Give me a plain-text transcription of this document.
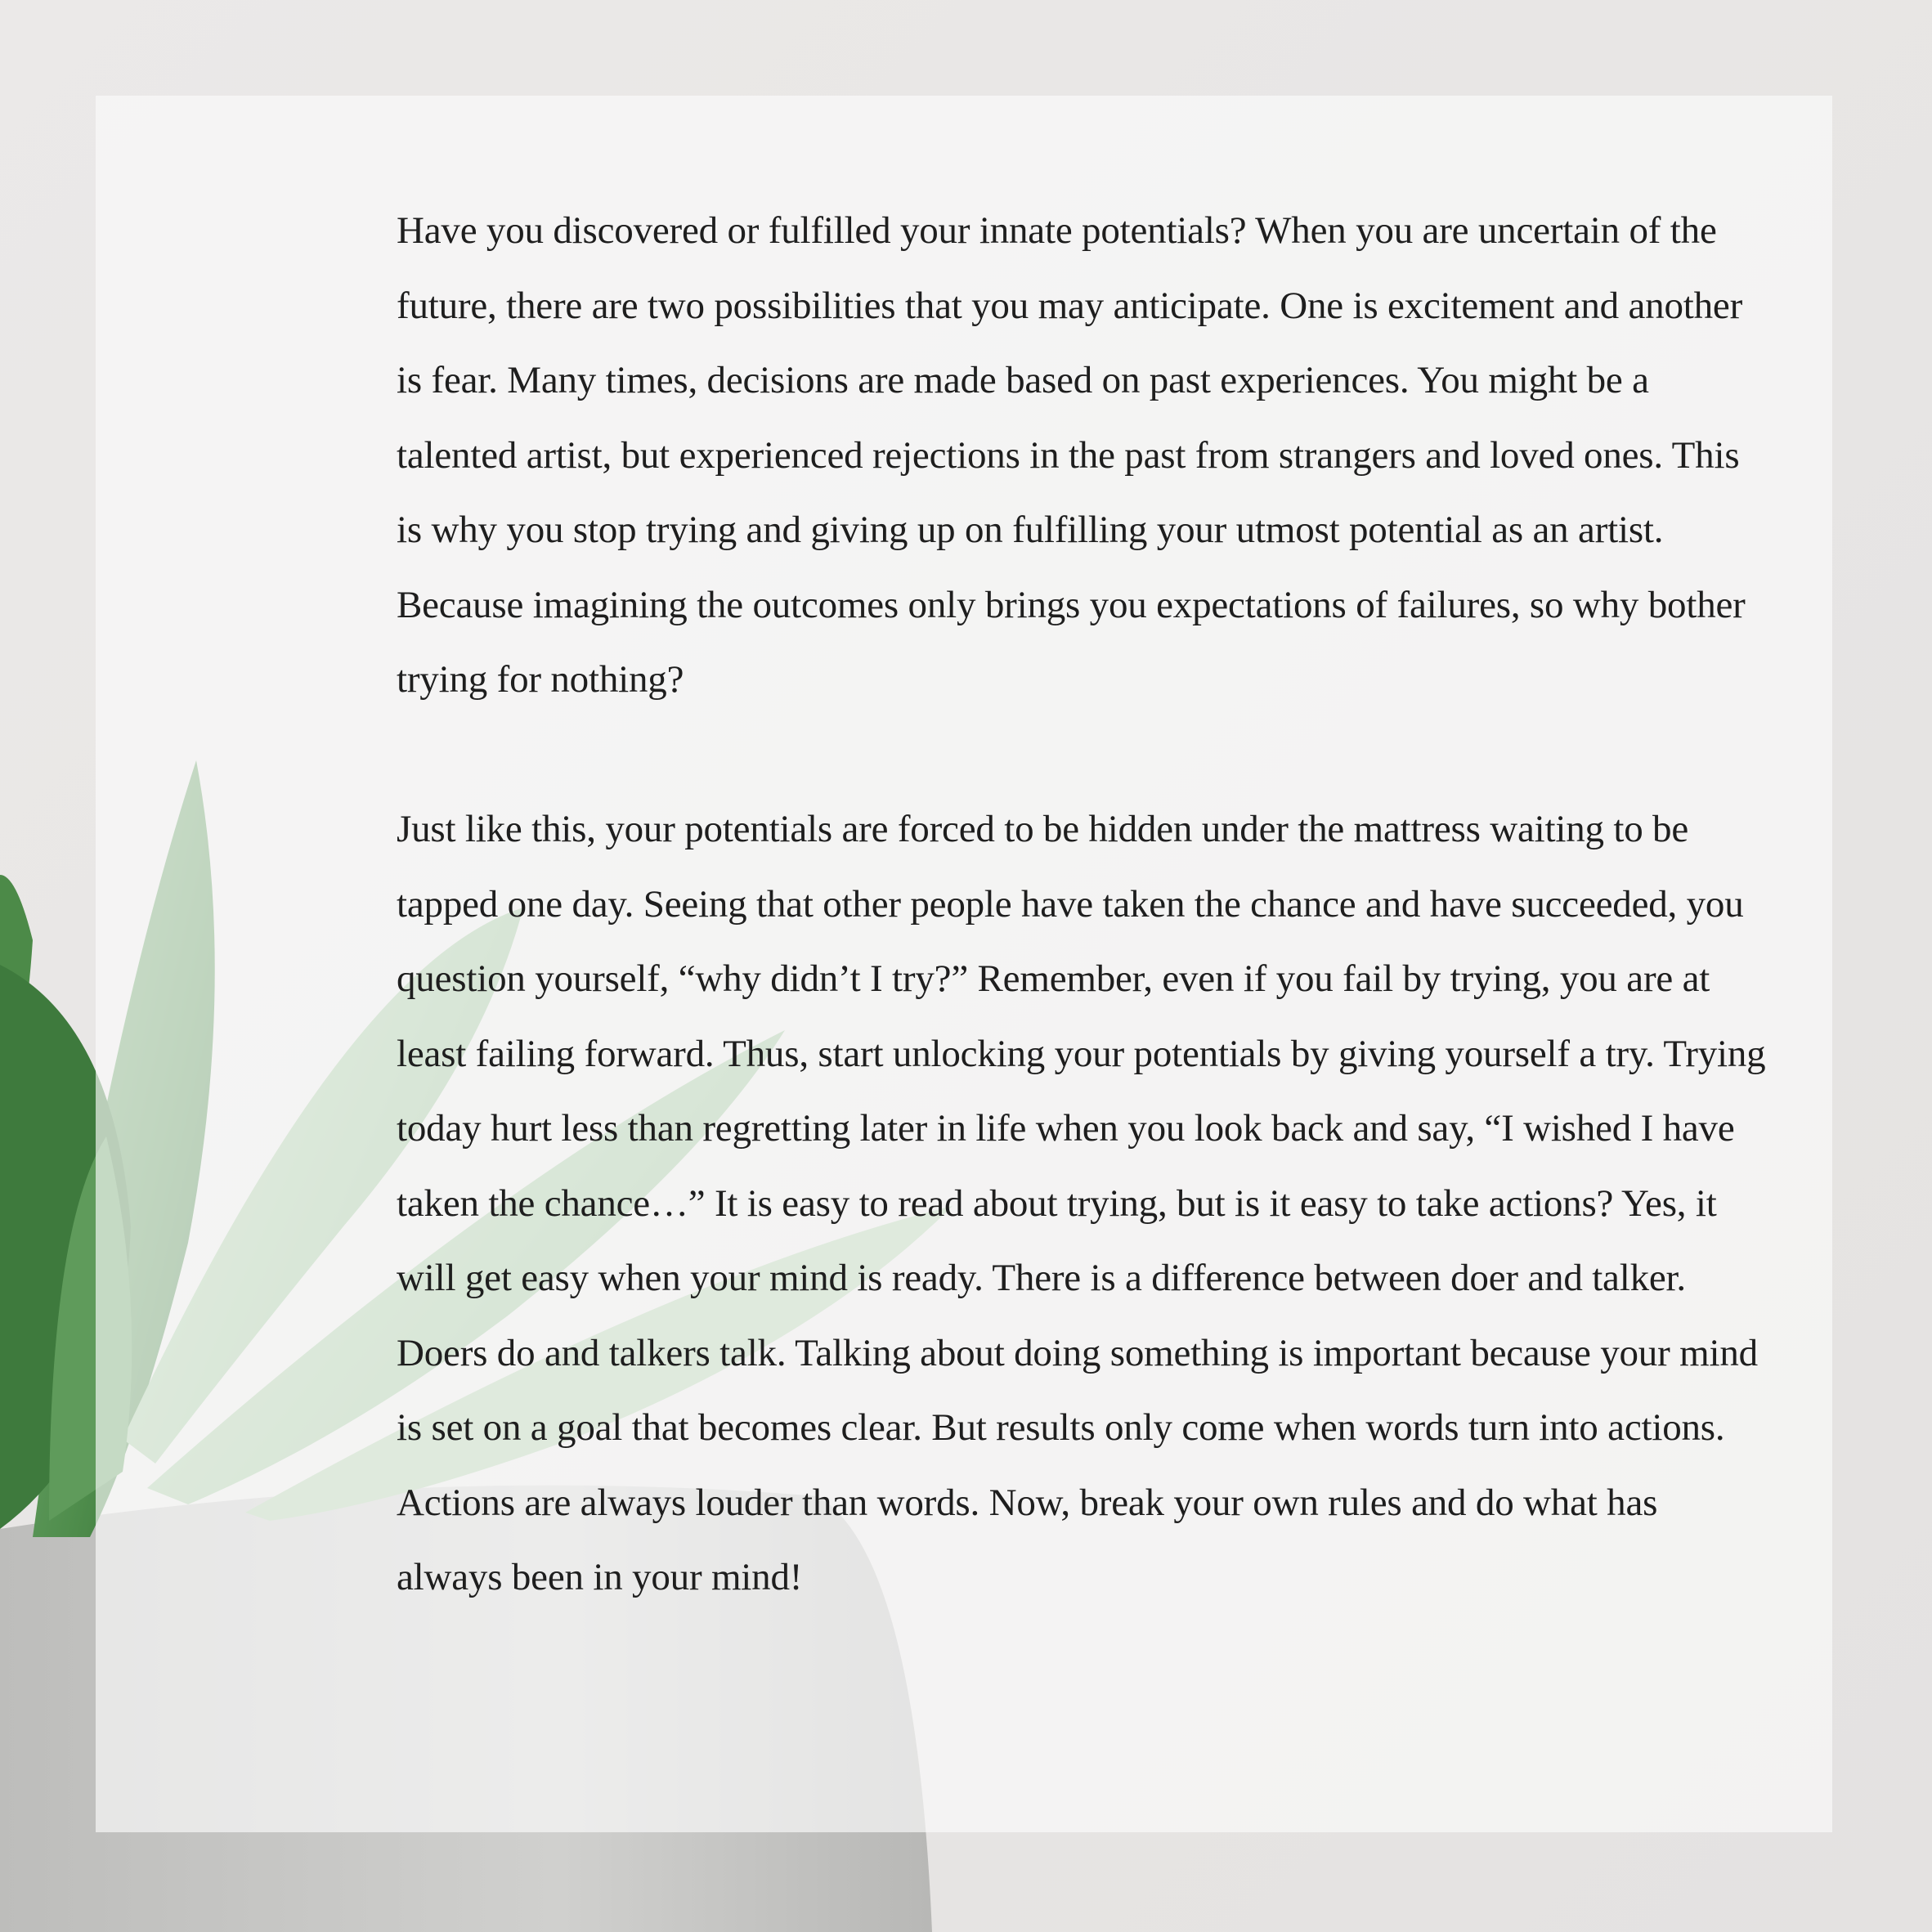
Have you discovered or fulfilled your innate potentials? When you are uncertain of the future, there are two possibilities that you may anticipate. One is excitement and another is fear. Many times, decisions are made based on past experiences. You might be a talented artist, but experienced rejections in the past from strangers and loved ones. This is why you stop trying and giving up on fulfilling your utmost potential as an artist. Because imagining the outcomes only brings you expectations of failures, so why bother trying for nothing?

Just like this, your potentials are forced to be hidden under the mattress waiting to be tapped one day. Seeing that other people have taken the chance and have succeeded, you question yourself, “why didn’t I try?” Remember, even if you fail by trying, you are at least failing forward. Thus, start unlocking your potentials by giving yourself a try. Trying today hurt less than regretting later in life when you look back and say, “I wished I have taken the chance…” It is easy to read about trying, but is it easy to take actions? Yes, it will get easy when your mind is ready. There is a difference between doer and talker. Doers do and talkers talk. Talking about doing something is important because your mind is set on a goal that becomes clear. But results only come when words turn into actions. Actions are always louder than words. Now, break your own rules and do what has always been in your mind!
